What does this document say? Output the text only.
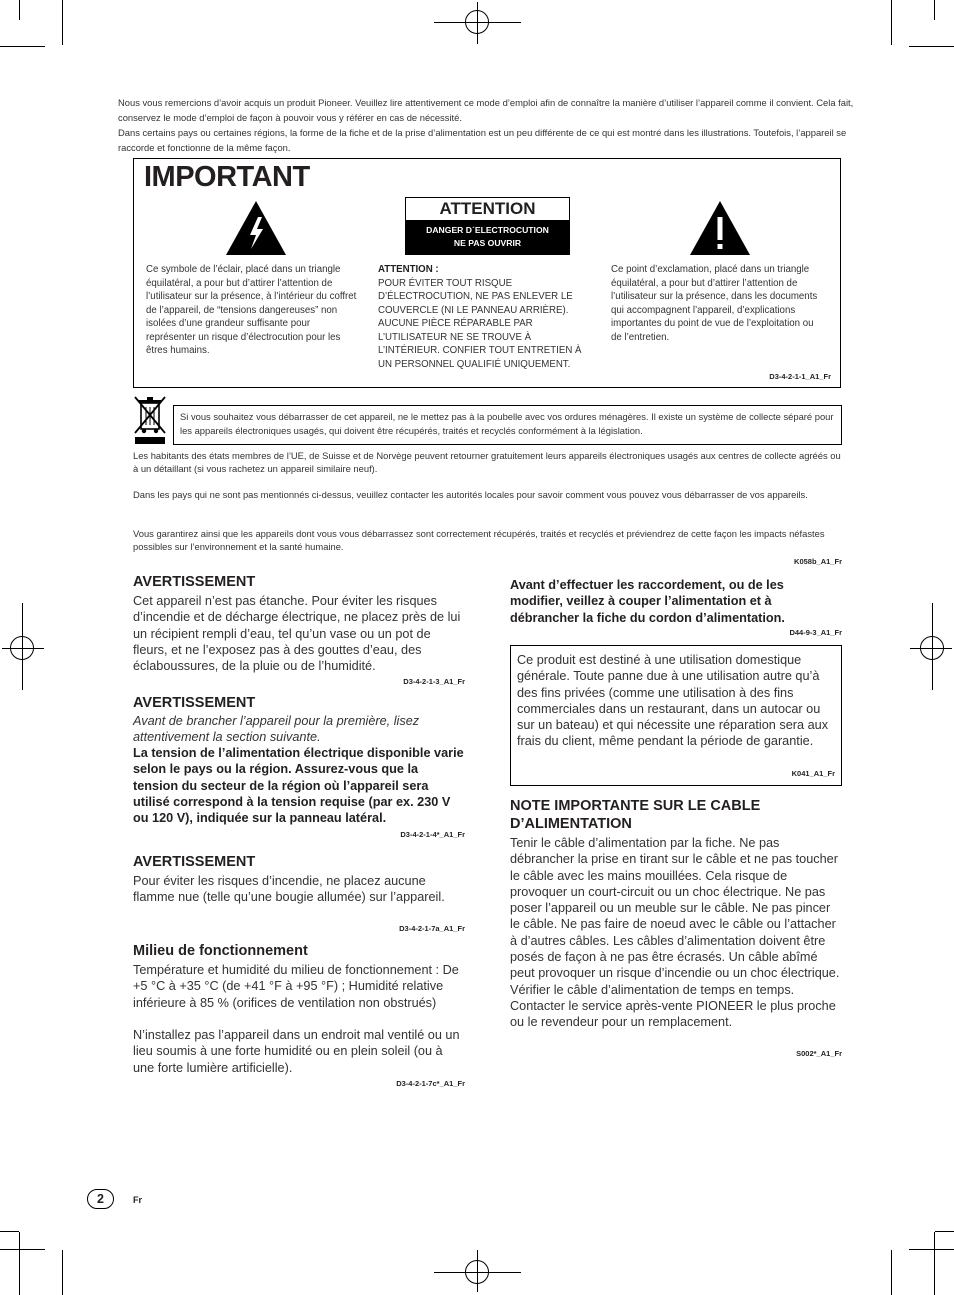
Nous vous remercions d’avoir acquis un produit Pioneer. Veuillez lire attentivement ce mode d’emploi afin de connaître la manière d’utiliser l’appareil comme il convient. Cela fait, conservez le mode d’emploi de façon à pouvoir vous y référer en cas de nécessité.

Dans certains pays ou certaines régions, la forme de la fiche et de la prise d’alimentation est un peu différente de ce qui est montré dans les illustrations. Toutefois, l’appareil se raccorde et fonctionne de la même façon.

IMPORTANT
ATTENTION
DANGER D´ELECTROCUTION
NE PAS OUVRIR
Ce symbole de l’éclair, placé dans un triangle équilatéral, a pour but d’attirer l’attention de l’utilisateur sur la présence, à l’intérieur du coffret de l’appareil, de “tensions dangereuses” non isolées d’une grandeur suffisante pour représenter un risque d’électrocution pour les êtres humains.
ATTENTION :
POUR ÉVITER TOUT RISQUE D’ÉLECTROCUTION, NE PAS ENLEVER LE COUVERCLE (NI LE PANNEAU ARRIÈRE). AUCUNE PIÈCE RÉPARABLE PAR L’UTILISATEUR NE SE TROUVE À L’INTÉRIEUR. CONFIER TOUT ENTRETIEN À UN PERSONNEL QUALIFIÉ UNIQUEMENT.
Ce point d’exclamation, placé dans un triangle équilatéral, a pour but d’attirer l’attention de l’utilisateur sur la présence, dans les documents qui accompagnent l’appareil, d’explications importantes du point de vue de l’exploitation ou de l’entretien.
D3-4-2-1-1_A1_Fr
Si vous souhaitez vous débarrasser de cet appareil, ne le mettez pas à la poubelle avec vos ordures ménagères. Il existe un système de collecte séparé pour les appareils électroniques usagés, qui doivent être récupérés, traités et recyclés conformément à la législation.
Les habitants des états membres de l’UE, de Suisse et de Norvège peuvent retourner gratuitement leurs appareils électroniques usagés aux centres de collecte agréés ou à un détaillant (si vous rachetez un appareil similaire neuf).
Dans les pays qui ne sont pas mentionnés ci-dessus, veuillez contacter les autorités locales pour savoir comment vous pouvez vous débarrasser de vos appareils.
Vous garantirez ainsi que les appareils dont vous vous débarrassez sont correctement récupérés, traités et recyclés et préviendrez de cette façon les impacts néfastes possibles sur l’environnement et la santé humaine.
K058b_A1_Fr
AVERTISSEMENT
Cet appareil n’est pas étanche. Pour éviter les risques d’incendie et de décharge électrique, ne placez près de lui un récipient rempli d’eau, tel qu’un vase ou un pot de fleurs, et ne l’exposez pas à des gouttes d’eau, des éclaboussures, de la pluie ou de l’humidité.
D3-4-2-1-3_A1_Fr
AVERTISSEMENT
Avant de brancher l’appareil pour la première, lisez attentivement la section suivante.
La tension de l’alimentation électrique disponible varie selon le pays ou la région. Assurez-vous que la tension du secteur de la région où l’appareil sera utilisé correspond à la tension requise (par ex. 230 V ou 120 V), indiquée sur la panneau latéral.
D3-4-2-1-4*_A1_Fr
AVERTISSEMENT
Pour éviter les risques d’incendie, ne placez aucune flamme nue (telle qu’une bougie allumée) sur l’appareil.
D3-4-2-1-7a_A1_Fr
Milieu de fonctionnement
Température et humidité du milieu de fonctionnement : De +5 °C à +35 °C (de +41 °F à +95 °F) ; Humidité relative inférieure à 85 % (orifices de ventilation non obstrués)
N’installez pas l’appareil dans un endroit mal ventilé ou un lieu soumis à une forte humidité ou en plein soleil (ou à une forte lumière artificielle).
D3-4-2-1-7c*_A1_Fr
Avant d’effectuer les raccordement, ou de les modifier, veillez à couper l’alimentation et à débrancher la fiche du cordon d’alimentation.
D44-9-3_A1_Fr
Ce produit est destiné à une utilisation domestique générale. Toute panne due à une utilisation autre qu’à des fins privées (comme une utilisation à des fins commerciales dans un restaurant, dans un autocar ou sur un bateau) et qui nécessite une réparation sera aux frais du client, même pendant la période de garantie.
K041_A1_Fr
NOTE IMPORTANTE SUR LE CABLE D’ALIMENTATION
Tenir le câble d’alimentation par la fiche. Ne pas débrancher la prise en tirant sur le câble et ne pas toucher le câble avec les mains mouillées. Cela risque de provoquer un court-circuit ou un choc électrique. Ne pas poser l’appareil ou un meuble sur le câble. Ne pas pincer le câble. Ne pas faire de noeud avec le câble ou l’attacher à d’autres câbles. Les câbles d’alimentation doivent être posés de façon à ne pas être écrasés. Un câble abîmé peut provoquer un risque d’incendie ou un choc électrique. Vérifier le câble d’alimentation de temps en temps. Contacter le service après-vente PIONEER le plus proche ou le revendeur pour un remplacement.
S002*_A1_Fr
2	Fr
